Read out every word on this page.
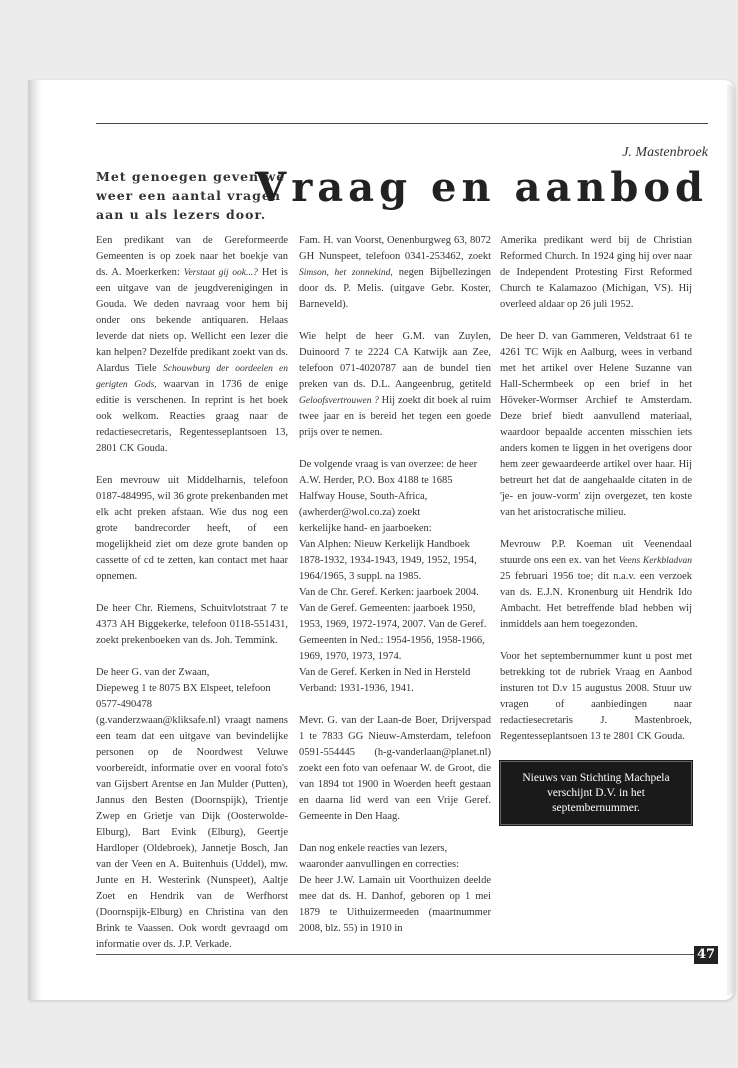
J. Mastenbroek
Met genoegen geven we weer een aantal vragen aan u als lezers door.
Vraag en aanbod

Een predikant van de Gereformeerde Gemeenten is op zoek naar het boekje van ds. A. Moerkerken: Verstaat gij ook...? Het is een uitgave van de jeugdverenigingen in Gouda. We deden navraag voor hem bij onder ons bekende antiquaren. Helaas leverde dat niets op. Wellicht een lezer die kan helpen? Dezelfde predikant zoekt van ds. Alardus Tiele Schouwburg der oordeelen en gerigten Gods, waarvan in 1736 de enige editie is verschenen. In reprint is het boek ook welkom. Reacties graag naar de redactiesecretaris, Regentesseplantsoen 13, 2801 CK Gouda.

Een mevrouw uit Middelharnis, telefoon 0187-484995, wil 36 grote prekenbanden met elk acht preken afstaan. Wie dus nog een grote bandrecorder heeft, of een mogelijkheid ziet om deze grote banden op cassette of cd te zetten, kan contact met haar opnemen.

De heer Chr. Riemens, Schuitvlotstraat 7 te 4373 AH Biggekerke, telefoon 0118-551431, zoekt prekenboeken van ds. Joh. Temmink.

De heer G. van der Zwaan,
Diepeweg 1 te 8075 BX Elspeet, telefoon 0577-490478
(g.vanderzwaan@kliksafe.nl) vraagt namens een team dat een uitgave van bevindelijke personen op de Noordwest Veluwe voorbereidt, informatie over en vooral foto's van Gijsbert Arentse en Jan Mulder (Putten), Jannus den Besten (Doornspijk), Trientje Zwep en Grietje van Dijk (Oosterwolde-Elburg), Bart Evink (Elburg), Geertje Hardloper (Oldebroek), Jannetje Bosch, Jan van der Veen en A. Buitenhuis (Uddel), mw. Junte en H. Westerink (Nunspeet), Aaltje Zoet en Hendrik van de Werfhorst (Doornspijk-Elburg) en Christina van den Brink te Vaassen. Ook wordt gevraagd om informatie over ds. J.P. Verkade.

Fam. H. van Voorst, Oenenburgweg 63, 8072 GH Nunspeet, telefoon 0341-253462, zoekt Simson, het zonnekind, negen Bijbellezingen door ds. P. Melis. (uitgave Gebr. Koster, Barneveld).

Wie helpt de heer G.M. van Zuylen, Duinoord 7 te 2224 CA Katwijk aan Zee, telefoon 071-4020787 aan de bundel tien preken van ds. D.L. Aangeenbrug, getiteld Geloofsvertrouwen ? Hij zoekt dit boek al ruim twee jaar en is bereid het tegen een goede prijs over te nemen.

De volgende vraag is van overzee: de heer A.W. Herder, P.O. Box 4188 te 1685 Halfway House, South-Africa,
(awherder@wol.co.za) zoekt
kerkelijke hand- en jaarboeken:
Van Alphen: Nieuw Kerkelijk Handboek 1878-1932, 1934-1943, 1949, 1952, 1954, 1964/1965, 3 suppl. na 1985.
Van de Chr. Geref. Kerken: jaarboek 2004. Van de Geref. Gemeenten: jaarboek 1950, 1953, 1969, 1972-1974, 2007. Van de Geref. Gemeenten in Ned.: 1954-1956, 1958-1966, 1969, 1970, 1973, 1974.
Van de Geref. Kerken in Ned in Hersteld Verband: 1931-1936, 1941.

Mevr. G. van der Laan-de Boer, Drijverspad 1 te 7833 GG Nieuw-Amsterdam, telefoon 0591-554445 (h-g-vanderlaan@planet.nl) zoekt een foto van oefenaar W. de Groot, die van 1894 tot 1900 in Woerden heeft gestaan en daarna lid werd van een Vrije Geref. Gemeente in Den Haag.

Dan nog enkele reacties van lezers, waaronder aanvullingen en correcties:
De heer J.W. Lamain uit Voorthuizen deelde mee dat ds. H. Danhof, geboren op 1 mei 1879 te Uithuizermeeden (maartnummer 2008, blz. 55) in 1910 in

Amerika predikant werd bij de Christian Reformed Church. In 1924 ging hij over naar de Independent Protesting First Reformed Church te Kalamazoo (Michigan, VS). Hij overleed aldaar op 26 juli 1952.

De heer D. van Gammeren, Veldstraat 61 te 4261 TC Wijk en Aalburg, wees in verband met het artikel over Helene Suzanne van Hall-Schermbeek op een brief in het Höveker-Wormser Archief te Amsterdam. Deze brief biedt aanvullend materiaal, waardoor bepaalde accenten misschien iets anders komen te liggen in het overigens door hem zeer gewaardeerde artikel over haar. Hij betreurt het dat de aangehaalde citaten in de 'je- en jouw-vorm' zijn overgezet, ten koste van het aristocratische milieu.

Mevrouw P.P. Koeman uit Veenendaal stuurde ons een ex. van het Veens Kerkbladvan 25 februari 1956 toe; dit n.a.v. een verzoek van ds. E.J.N. Kronenburg uit Hendrik Ido Ambacht. Het betreffende blad hebben wij inmiddels aan hem toegezonden.

Voor het septembernummer kunt u post met betrekking tot de rubriek Vraag en Aanbod insturen tot D.v 15 augustus 2008. Stuur uw vragen of aanbiedingen naar redactiesecretaris J. Mastenbroek, Regentesseplantsoen 13 te 2801 CK Gouda.

Nieuws van Stichting Machpela verschijnt D.V. in het septembernummer.
47
